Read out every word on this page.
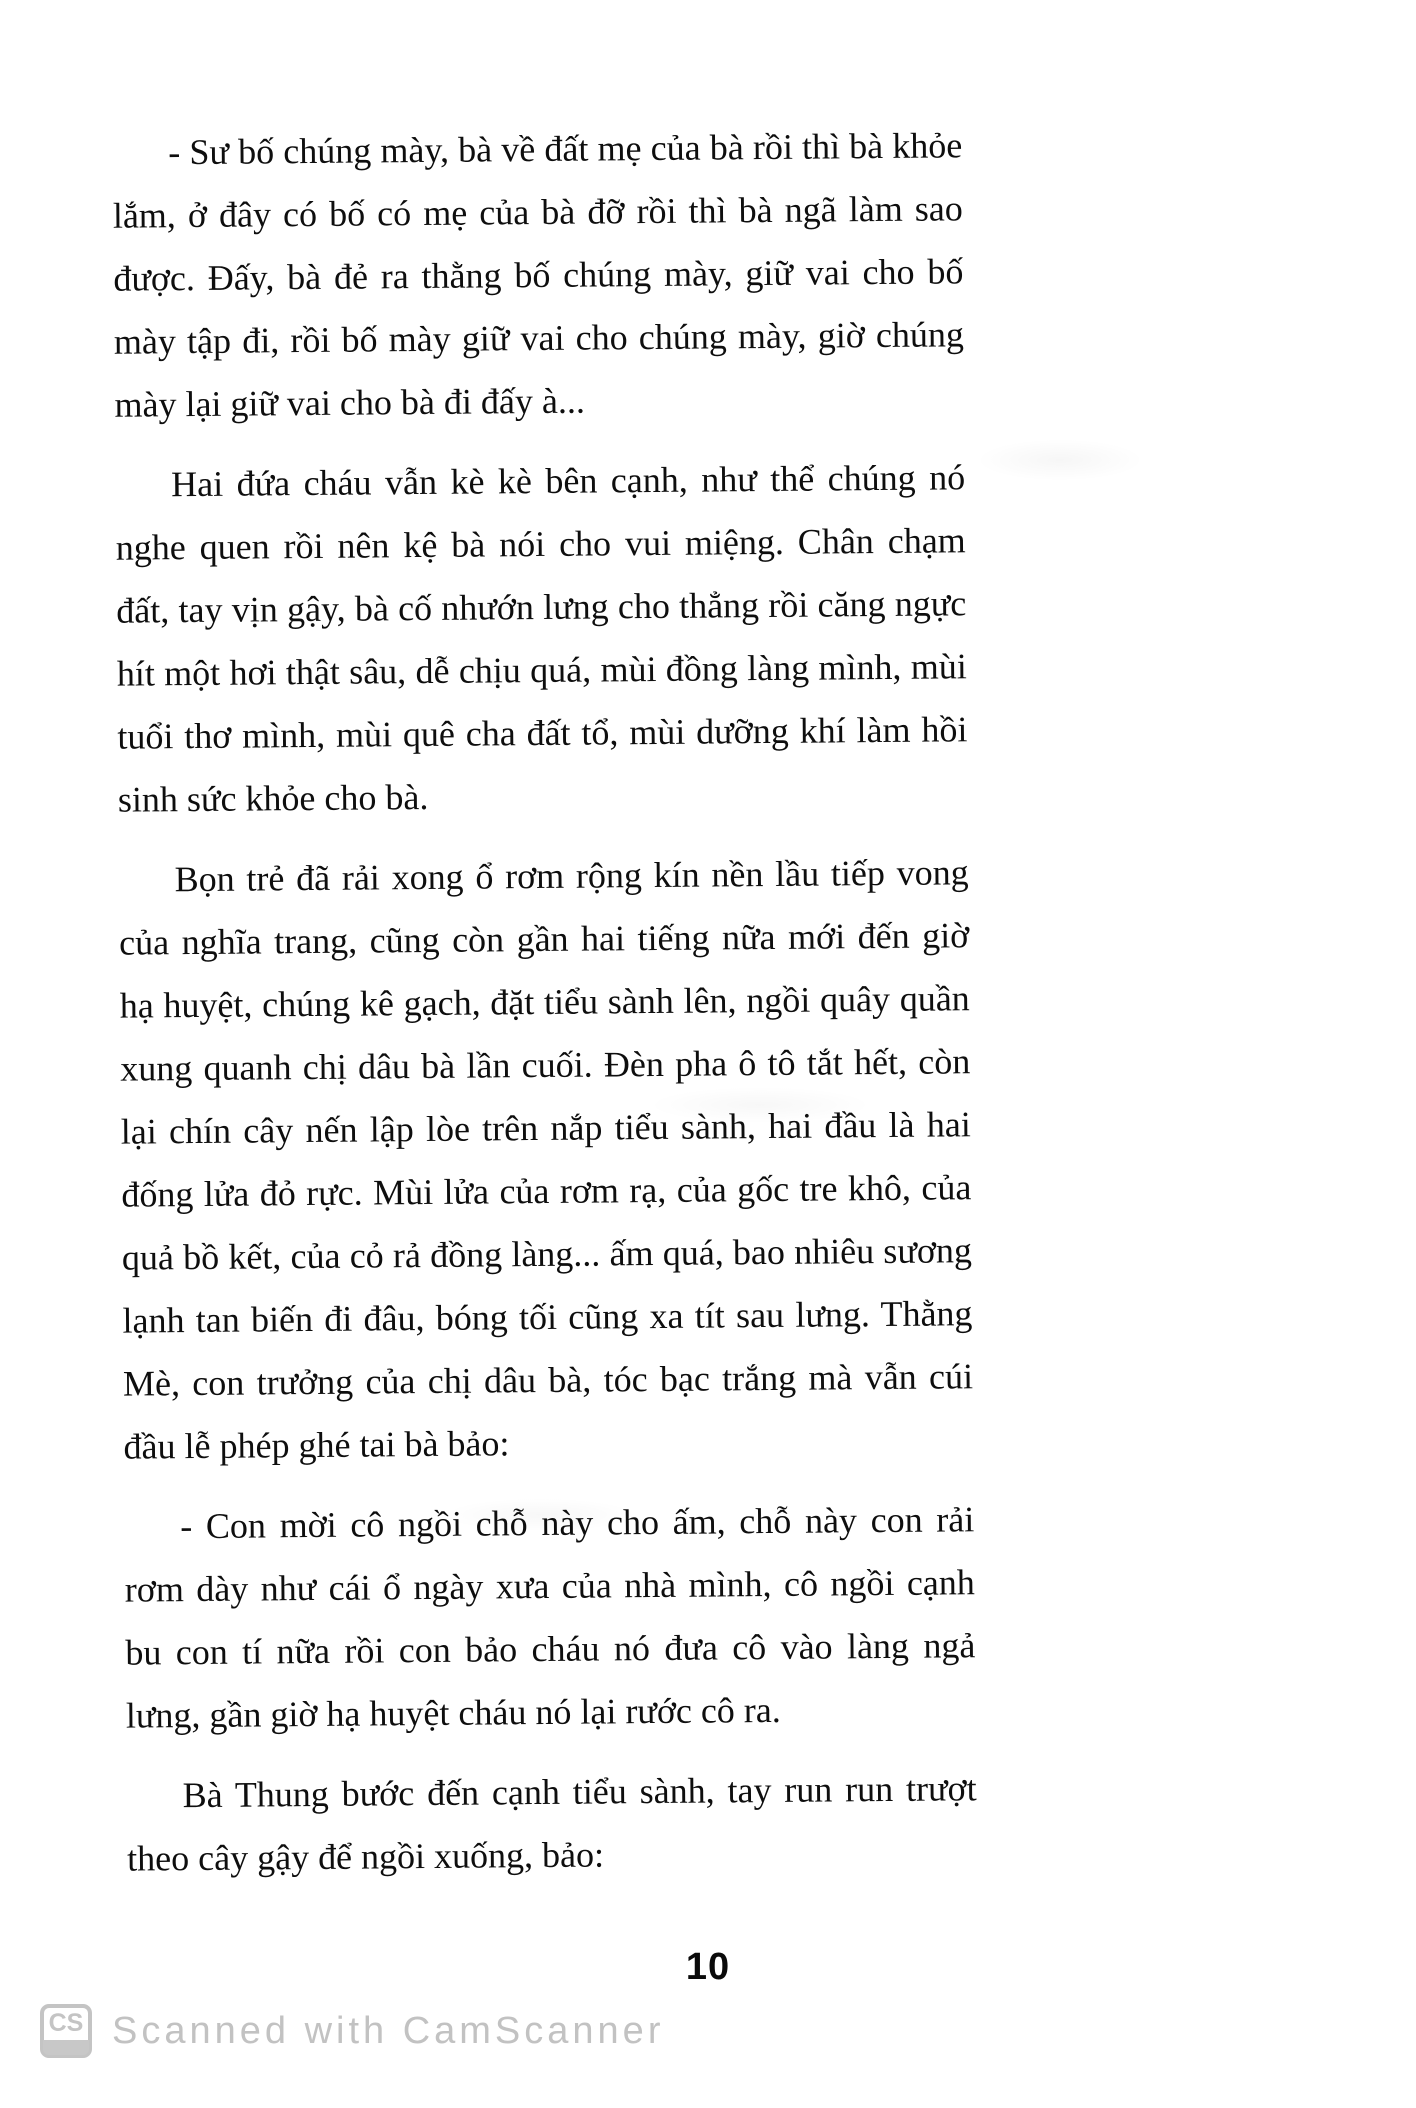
- Sư bố chúng mày, bà về đất mẹ của bà rồi thì bà khỏe lắm, ở đây có bố có mẹ của bà đỡ rồi thì bà ngã làm sao được. Đấy, bà đẻ ra thằng bố chúng mày, giữ vai cho bố mày tập đi, rồi bố mày giữ vai cho chúng mày, giờ chúng mày lại giữ vai cho bà đi đấy à...

Hai đứa cháu vẫn kè kè bên cạnh, như thể chúng nó nghe quen rồi nên kệ bà nói cho vui miệng. Chân chạm đất, tay vịn gậy, bà cố nhướn lưng cho thẳng rồi căng ngực hít một hơi thật sâu, dễ chịu quá, mùi đồng làng mình, mùi tuổi thơ mình, mùi quê cha đất tổ, mùi dưỡng khí làm hồi sinh sức khỏe cho bà.

Bọn trẻ đã rải xong ổ rơm rộng kín nền lầu tiếp vong của nghĩa trang, cũng còn gần hai tiếng nữa mới đến giờ hạ huyệt, chúng kê gạch, đặt tiểu sành lên, ngồi quây quần xung quanh chị dâu bà lần cuối. Đèn pha ô tô tắt hết, còn lại chín cây nến lập lòe trên nắp tiểu sành, hai đầu là hai đống lửa đỏ rực. Mùi lửa của rơm rạ, của gốc tre khô, của quả bồ kết, của cỏ rả đồng làng... ấm quá, bao nhiêu sương lạnh tan biến đi đâu, bóng tối cũng xa tít sau lưng. Thằng Mè, con trưởng của chị dâu bà, tóc bạc trắng mà vẫn cúi đầu lễ phép ghé tai bà bảo:

- Con mời cô ngồi chỗ này cho ấm, chỗ này con rải rơm dày như cái ổ ngày xưa của nhà mình, cô ngồi cạnh bu con tí nữa rồi con bảo cháu nó đưa cô vào làng ngả lưng, gần giờ hạ huyệt cháu nó lại rước cô ra.

Bà Thung bước đến cạnh tiểu sành, tay run run trượt theo cây gậy để ngồi xuống, bảo:

10
CS Scanned with CamScanner
